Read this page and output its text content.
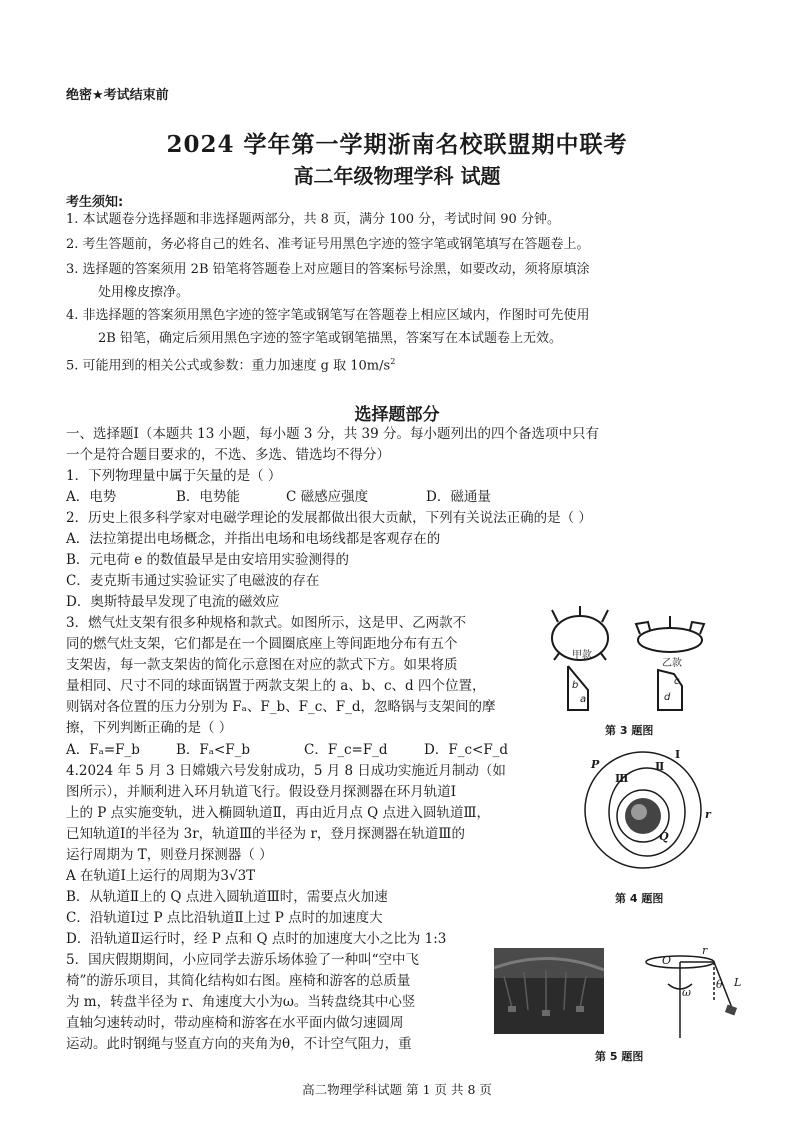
绝密★考试结束前
2024 学年第一学期浙南名校联盟期中联考
高二年级物理学科 试题
考生须知:
1. 本试题卷分选择题和非选择题两部分，共 8 页，满分 100 分，考试时间 90 分钟。
2. 考生答题前，务必将自己的姓名、准考证号用黑色字迹的签字笔或钢笔填写在答题卷上。
3. 选择题的答案须用 2B 铅笔将答题卷上对应题目的答案标号涂黑，如要改动，须将原填涂
处用橡皮擦净。
4. 非选择题的答案须用黑色字迹的签字笔或钢笔写在答题卷上相应区域内，作图时可先使用
2B 铅笔，确定后须用黑色字迹的签字笔或钢笔描黑，答案写在本试题卷上无效。
5. 可能用到的相关公式或参数：重力加速度 g 取 $10m/s^2$
选择题部分
一、选择题Ⅰ（本题共 13 小题，每小题 3 分，共 39 分。每小题列出的四个备选项中只有
一个是符合题目要求的，不选、多选、错选均不得分）
1．下列物理量中属于矢量的是（ ）
A．电势	B．电势能	C 磁感应强度	D．磁通量
2．历史上很多科学家对电磁学理论的发展都做出很大贡献，下列有关说法正确的是（ ）
A．法拉第提出电场概念，并指出电场和电场线都是客观存在的
B．元电荷 e 的数值最早是由安培用实验测得的
C．麦克斯韦通过实验证实了电磁波的存在
D．奥斯特最早发现了电流的磁效应
3．燃气灶支架有很多种规格和款式。如图所示，这是甲、乙两款不
同的燃气灶支架，它们都是在一个圆圈底座上等间距地分布有五个
支架齿，每一款支架齿的简化示意图在对应的款式下方。如果将质
量相同、尺寸不同的球面锅置于两款支架上的 a、b、c、d 四个位置，
则锅对各位置的压力分别为 Fₐ、F_b、F_c、F_d，忽略锅与支架间的摩
擦，下列判断正确的是（ ）
A．Fₐ=F_b	B．Fₐ<F_b	C．F_c=F_d	D．F_c<F_d
甲款
乙款
b
a	d
c
第 3 题图
4.2024 年 5 月 3 日嫦娥六号发射成功，5 月 8 日成功实施近月制动（如
图所示），并顺利进入环月轨道飞行。假设登月探测器在环月轨道Ⅰ
上的 P 点实施变轨，进入椭圆轨道Ⅱ，再由近月点 Q 点进入圆轨道Ⅲ，
已知轨道Ⅰ的半径为 3r，轨道Ⅲ的半径为 r，登月探测器在轨道Ⅲ的
运行周期为 T，则登月探测器（ ）
A 在轨道Ⅰ上运行的周期为3√3T
B．从轨道Ⅱ上的 Q 点进入圆轨道Ⅲ时，需要点火加速
C．沿轨道Ⅰ过 P 点比沿轨道Ⅱ上过 P 点时的加速度大
D．沿轨道Ⅱ运行时，经 P 点和 Q 点时的加速度大小之比为 1:3
P
Ⅲ
Ⅱ
Ⅰ
Q
r
第 4 题图
5．国庆假期期间，小应同学去游乐场体验了一种叫“空中飞
椅”的游乐项目，其简化结构如右图。座椅和游客的总质量
为 m，转盘半径为 r、角速度大小为ω。当转盘绕其中心竖
直轴匀速转动时，带动座椅和游客在水平面内做匀速圆周
运动。此时钢绳与竖直方向的夹角为θ，不计空气阻力，重
r
O
ω
θ L
第 5 题图
高二物理学科试题 第 1 页 共 8 页
